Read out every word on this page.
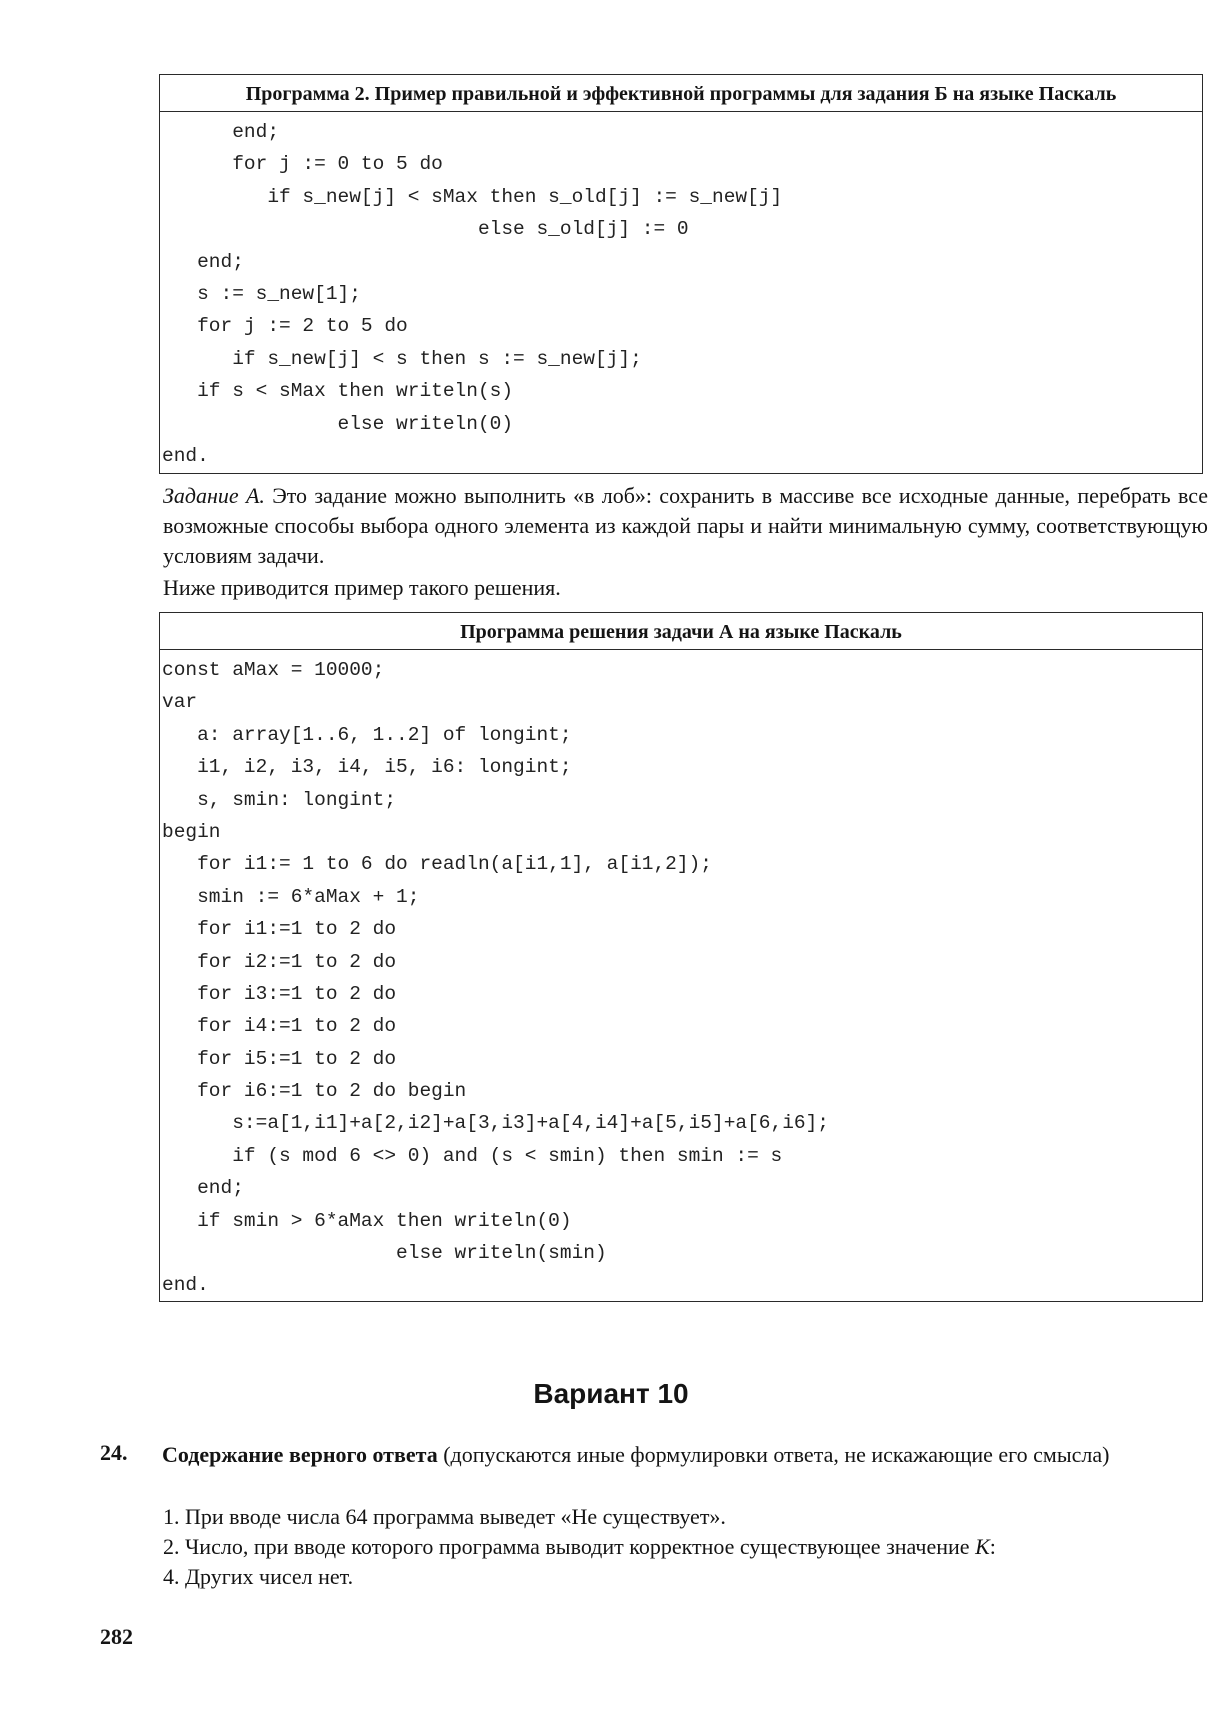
Программа 2. Пример правильной и эффективной программы для задания Б на языке Паскаль
end;
for j := 0 to 5 do
if s_new[j] < sMax then s_old[j] := s_new[j]
else s_old[j] := 0
end;
s := s_new[1];
for j := 2 to 5 do
if s_new[j] < s then s := s_new[j];
if s < sMax then writeln(s)
else writeln(0)
end.
Задание А. Это задание можно выполнить «в лоб»: сохранить в массиве все исходные данные, перебрать все возможные способы выбора одного элемента из каждой пары и найти минимальную сумму, соответствующую условиям задачи.
Ниже приводится пример такого решения.
Программа решения задачи А на языке Паскаль
const aMax = 10000;
var
a: array[1..6, 1..2] of longint;
i1, i2, i3, i4, i5, i6: longint;
s, smin: longint;
begin
for i1:= 1 to 6 do readln(a[i1,1], a[i1,2]);
smin := 6*aMax + 1;
for i1:=1 to 2 do
for i2:=1 to 2 do
for i3:=1 to 2 do
for i4:=1 to 2 do
for i5:=1 to 2 do
for i6:=1 to 2 do begin
s:=a[1,i1]+a[2,i2]+a[3,i3]+a[4,i4]+a[5,i5]+a[6,i6];
if (s mod 6 <> 0) and (s < smin) then smin := s
end;
if smin > 6*aMax then writeln(0)
else writeln(smin)
end.
Вариант 10
24. Содержание верного ответа (допускаются иные формулировки ответа, не искажающие его смысла)
1. При вводе числа 64 программа выведет «Не существует».
2. Число, при вводе которого программа выводит корректное существующее значение K:
4. Других чисел нет.
282
